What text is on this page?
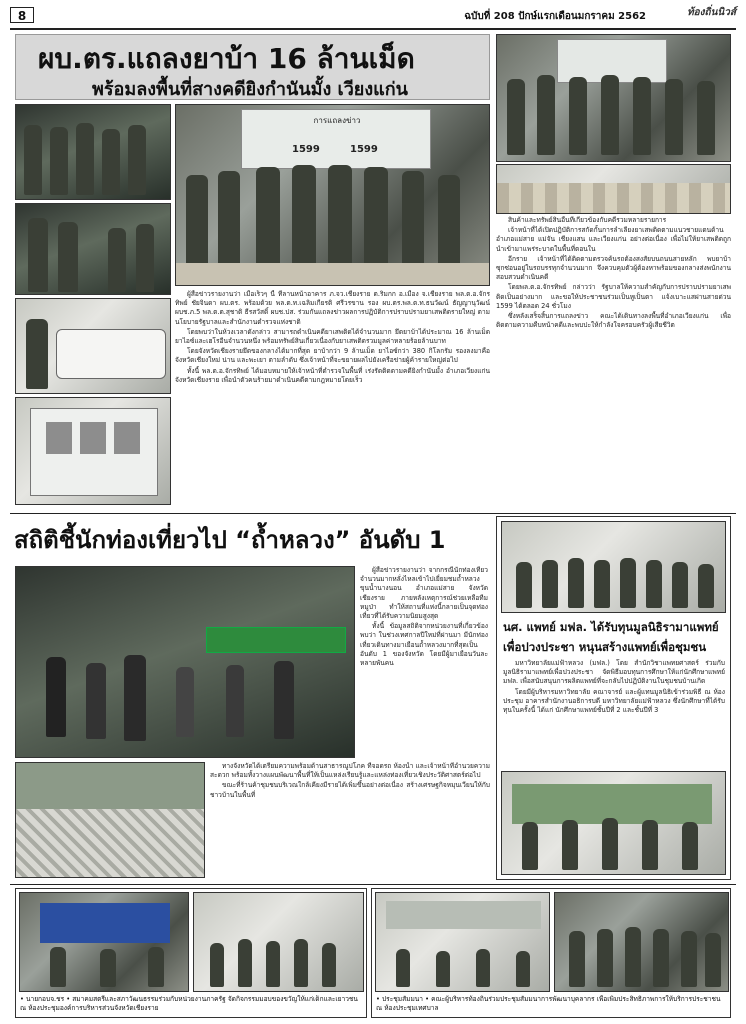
8	ฉบับที่ 208 ปักษ์แรกเดือนมกราคม 2562	ท้องถิ่นนิวส์
ผบ.ตร.แถลงยาบ้า 16 ล้านเม็ด
พร้อมลงพื้นที่สางคดียิงกำนันมั้ง เวียงแก่น
การแถลงข่าว
1599	1599

ผู้สื่อข่าวรายงานว่า เมื่อเร็วๆ นี้ ที่ลานหน้าอาคาร ภ.จว.เชียงราย ต.ริมกก อ.เมือง จ.เชียงราย พล.ต.อ.จักรทิพย์ ชัยจินดา ผบ.ตร. พร้อมด้วย พล.ต.ท.เฉลิมเกียรติ ศรีวรขาน รอง ผบ.ตร.พล.ต.ท.ธนวัฒน์ ธัญญานุวัฒน์ ผบช.ภ.5 พล.ต.ต.สุชาติ ธีรสวัสดิ์ ผบช.ปส. ร่วมกันแถลงข่าวผลการปฏิบัติการปราบปรามยาเสพติดรายใหญ่ ตามนโยบายรัฐบาลและสำนักงานตำรวจแห่งชาติ

โดยพบว่าในห้วงเวลาดังกล่าว สามารถดำเนินคดียาเสพติดได้จำนวนมาก ยึดยาบ้าได้ประมาณ 16 ล้านเม็ด ยาไอซ์และเฮโรอีนจำนวนหนึ่ง พร้อมทรัพย์สินเกี่ยวเนื่องกับยาเสพติดรวมมูลค่าหลายร้อยล้านบาท

โดยจังหวัดเชียงรายยึดของกลางได้มากที่สุด ยาบ้ากว่า 9 ล้านเม็ด ยาไอซ์กว่า 380 กิโลกรัม รองลงมาคือจังหวัดเชียงใหม่ น่าน และพะเยา ตามลำดับ ซึ่งเจ้าหน้าที่จะขยายผลไปยังเครือข่ายผู้ค้ารายใหญ่ต่อไป

ทั้งนี้ พล.ต.อ.จักรทิพย์ ได้มอบหมายให้เจ้าหน้าที่ตำรวจในพื้นที่ เร่งรัดติดตามคดียิงกำนันมั้ง อำเภอเวียงแก่น จังหวัดเชียงราย เพื่อนำตัวคนร้ายมาดำเนินคดีตามกฎหมายโดยเร็ว

สินค้าและทรัพย์สินอื่นที่เกี่ยวข้องกับคดีรวมหลายรายการ

เจ้าหน้าที่ได้เปิดปฏิบัติการสกัดกั้นการลำเลียงยาเสพติดตามแนวชายแดนด้านอำเภอแม่สาย แม่จัน เชียงแสน และเวียงแก่น อย่างต่อเนื่อง เพื่อไม่ให้ยาเสพติดถูกนำเข้ามาแพร่ระบาดในพื้นที่ตอนใน

อีกราย เจ้าหน้าที่ได้ติดตามตรวจค้นรถต้องสงสัยบนถนนสายหลัก พบยาบ้าซุกซ่อนอยู่ในรถบรรทุกจำนวนมาก จึงควบคุมตัวผู้ต้องหาพร้อมของกลางส่งพนักงานสอบสวนดำเนินคดี

โดยพล.ต.อ.จักรทิพย์ กล่าวว่า รัฐบาลให้ความสำคัญกับการปราบปรามยาเสพติดเป็นอย่างมาก และขอให้ประชาชนร่วมเป็นหูเป็นตา แจ้งเบาะแสผ่านสายด่วน 1599 ได้ตลอด 24 ชั่วโมง

ซึ่งหลังเสร็จสิ้นการแถลงข่าว คณะได้เดินทางลงพื้นที่อำเภอเวียงแก่น เพื่อติดตามความคืบหน้าคดีและพบปะให้กำลังใจครอบครัวผู้เสียชีวิต

สถิติชี้นักท่องเที่ยวไป “ถ้ำหลวง” อันดับ 1

ผู้สื่อข่าวรายงานว่า จากกรณีนักท่องเที่ยวจำนวนมากหลั่งไหลเข้าไปเยี่ยมชมถ้ำหลวงขุนน้ำนางนอน อำเภอแม่สาย จังหวัดเชียงราย ภายหลังเหตุการณ์ช่วยเหลือทีมหมูป่า ทำให้สถานที่แห่งนี้กลายเป็นจุดท่องเที่ยวที่ได้รับความนิยมสูงสุด

ทั้งนี้ ข้อมูลสถิติจากหน่วยงานที่เกี่ยวข้องพบว่า ในช่วงเทศกาลปีใหม่ที่ผ่านมา มีนักท่องเที่ยวเดินทางมาเยือนถ้ำหลวงมากที่สุดเป็นอันดับ 1 ของจังหวัด โดยมีผู้มาเยือนวันละหลายพันคน

ทางจังหวัดได้เตรียมความพร้อมด้านสาธารณูปโภค ที่จอดรถ ห้องน้ำ และเจ้าหน้าที่อำนวยความสะดวก พร้อมทั้งวางแผนพัฒนาพื้นที่ให้เป็นแหล่งเรียนรู้และแหล่งท่องเที่ยวเชิงประวัติศาสตร์ต่อไป

ขณะที่ร้านค้าชุมชนบริเวณใกล้เคียงมีรายได้เพิ่มขึ้นอย่างต่อเนื่อง สร้างเศรษฐกิจหมุนเวียนให้กับชาวบ้านในพื้นที่

นศ. แพทย์ มฟล. ได้รับทุนมูลนิธิรามาแพทย์
เพื่อปวงประชา หนุนสร้างแพทย์เพื่อชุมชน

มหาวิทยาลัยแม่ฟ้าหลวง (มฟล.) โดย สำนักวิชาแพทยศาสตร์ ร่วมกับ มูลนิธิรามาแพทย์เพื่อปวงประชา จัดพิธีมอบทุนการศึกษาให้แก่นักศึกษาแพทย์ มฟล. เพื่อสนับสนุนการผลิตแพทย์ที่จะกลับไปปฏิบัติงานในชุมชนบ้านเกิด

โดยมีผู้บริหารมหาวิทยาลัย คณาจารย์ และผู้แทนมูลนิธิเข้าร่วมพิธี ณ ห้องประชุม อาคารสำนักงานอธิการบดี มหาวิทยาลัยแม่ฟ้าหลวง ซึ่งนักศึกษาที่ได้รับทุนในครั้งนี้ ได้แก่ นักศึกษาแพทย์ชั้นปีที่ 2 และชั้นปีที่ 3

• นายกอบจ.ชร • สมาคมสตรีและสภาวัฒนธรรมร่วมกับหน่วยงานภาครัฐ จัดกิจกรรมมอบของขวัญให้แก่เด็กและเยาวชน ณ ห้องประชุมองค์การบริหารส่วนจังหวัดเชียงราย
• ประชุมสัมมนา • คณะผู้บริหารท้องถิ่นร่วมประชุมสัมมนาการพัฒนาบุคลากร เพื่อเพิ่มประสิทธิภาพการให้บริการประชาชน ณ ห้องประชุมเทศบาล
